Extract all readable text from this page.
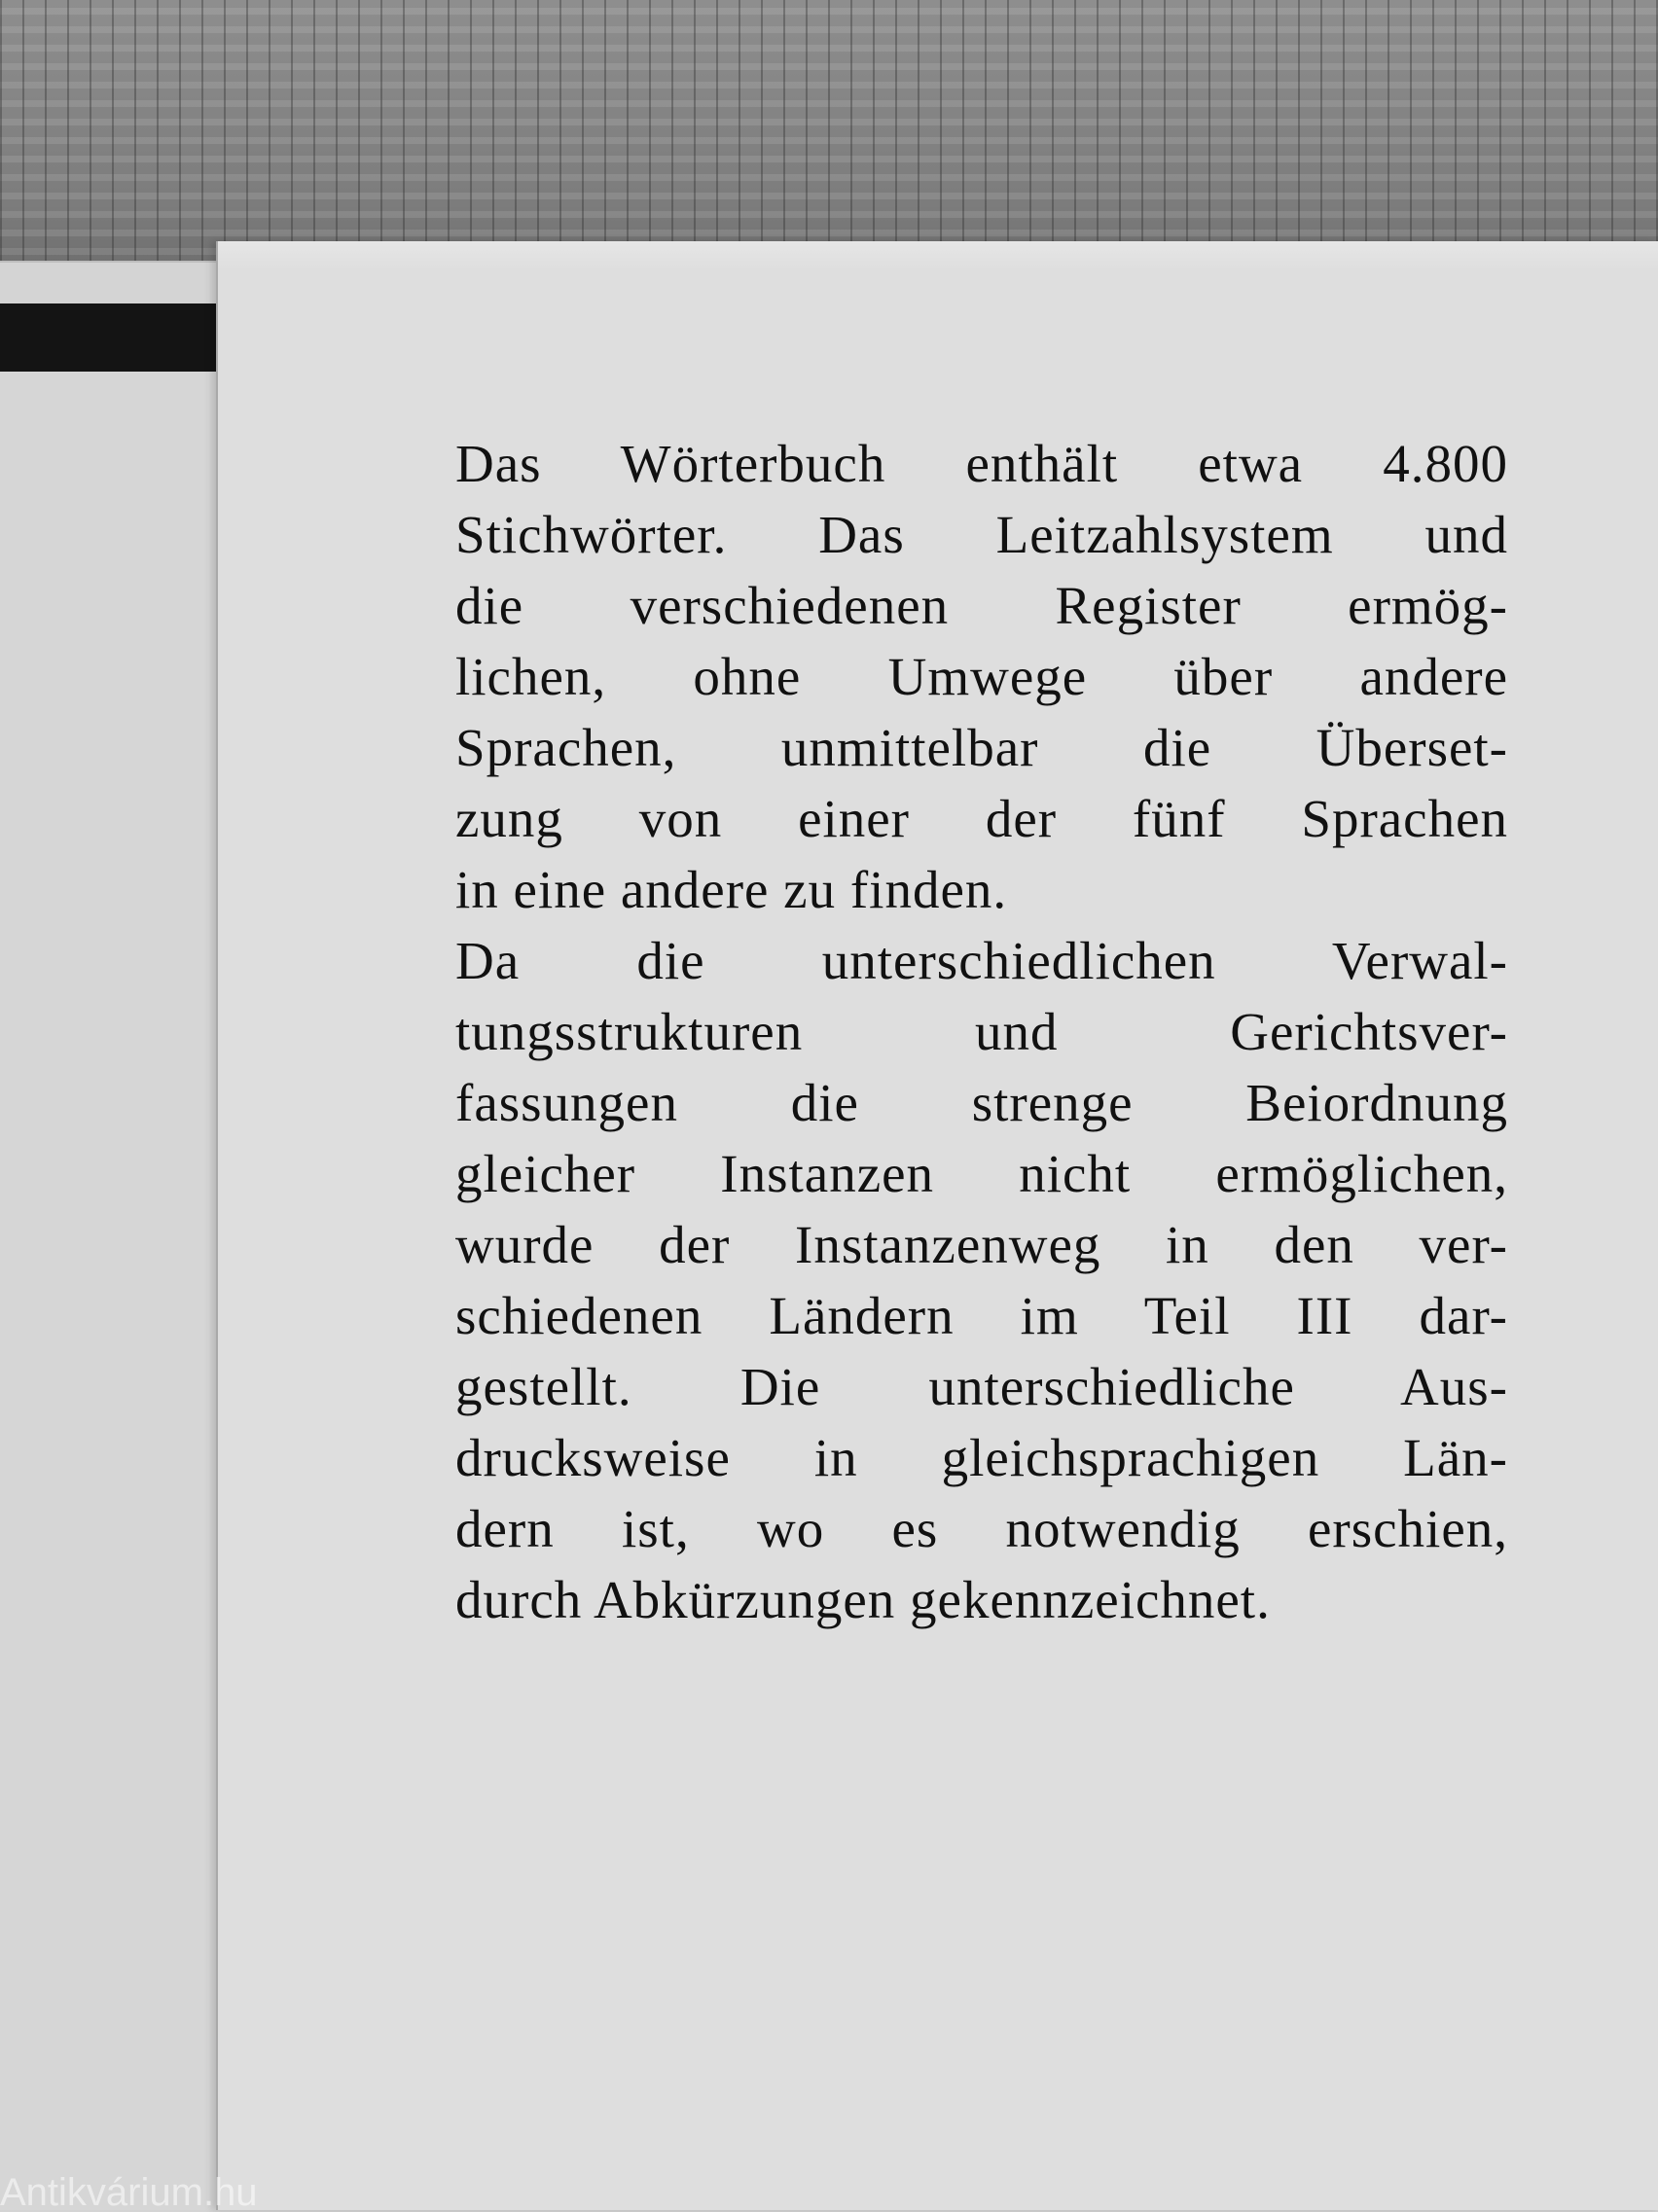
Das Wörterbuch enthält etwa 4.800
Stichwörter. Das Leitzahlsystem und
die verschiedenen Register ermög-
lichen, ohne Umwege über andere
Sprachen, unmittelbar die Überset-
zung von einer der fünf Sprachen
in eine andere zu finden.
Da die unterschiedlichen Verwal-
tungsstrukturen und Gerichtsver-
fassungen die strenge Beiordnung
gleicher Instanzen nicht ermöglichen,
wurde der Instanzenweg in den ver-
schiedenen Ländern im Teil III dar-
gestellt. Die unterschiedliche Aus-
drucksweise in gleichsprachigen Län-
dern ist, wo es notwendig erschien,
durch Abkürzungen gekennzeichnet.
Antikvárium.hu
